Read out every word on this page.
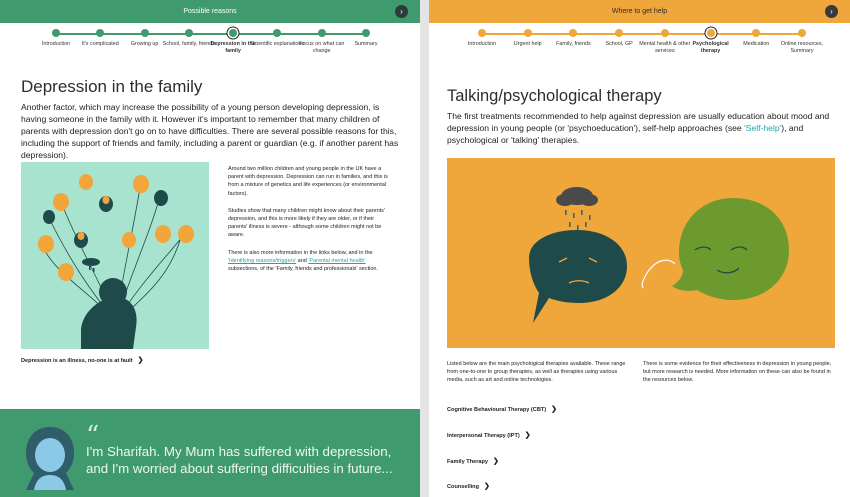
Possible reasons	›
Introduction	It's complicated	Growing up School, family, friends
Depression in the family
Scientific explanations
Focus on what can change
Summary
Depression in the family

Another factor, which may increase the possibility of a young person developing depression, is having someone in the family with it. However it's important to remember that many children of parents with depression don't go on to have difficulties. There are several possible reasons for this, including the support of friends and family, including a parent or guardian (e.g. if another parent has depression).

Around two million children and young people in the UK have a parent with depression. Depression can run in families, and this is from a mixture of genetics and life experiences (or environmental factors).

Studies show that many children might know about their parents' depression, and this is more likely if they are older, or if their parents' illness is severe - although some children might not be aware.

There is also more information in the links below, and in the 'Identifying reasons/triggers' and 'Parental mental health' subsections, of the 'Family, friends and professionals' section.

Depression is an illness, no-one is at fault ❯
“

I'm Sharifah. My Mum has suffered with depression, and I'm worried about suffering difficulties in future...

Where to get help	›
Introduction	Urgent help	Family, friends	School, GP	Mental health & other services
Psychological therapy
Medication	Online resources, Summary
Talking/psychological therapy

The first treatments recommended to help against depression are usually education about mood and depression in young people (or 'psychoeducation'), self-help approaches (see 'Self-help'), and psychological or 'talking' therapies.

Listed below are the main psychological therapies available. These range from one-to-one to group therapies, as well as therapies using various media, such as art and online technologies.

There is some evidence for their effectiveness in depression in young people, but more research is needed. More information on these can also be found in the resources below.

Cognitive Behavioural Therapy (CBT) ❯
Interpersonal Therapy (IPT) ❯
Family Therapy ❯
Counselling ❯
